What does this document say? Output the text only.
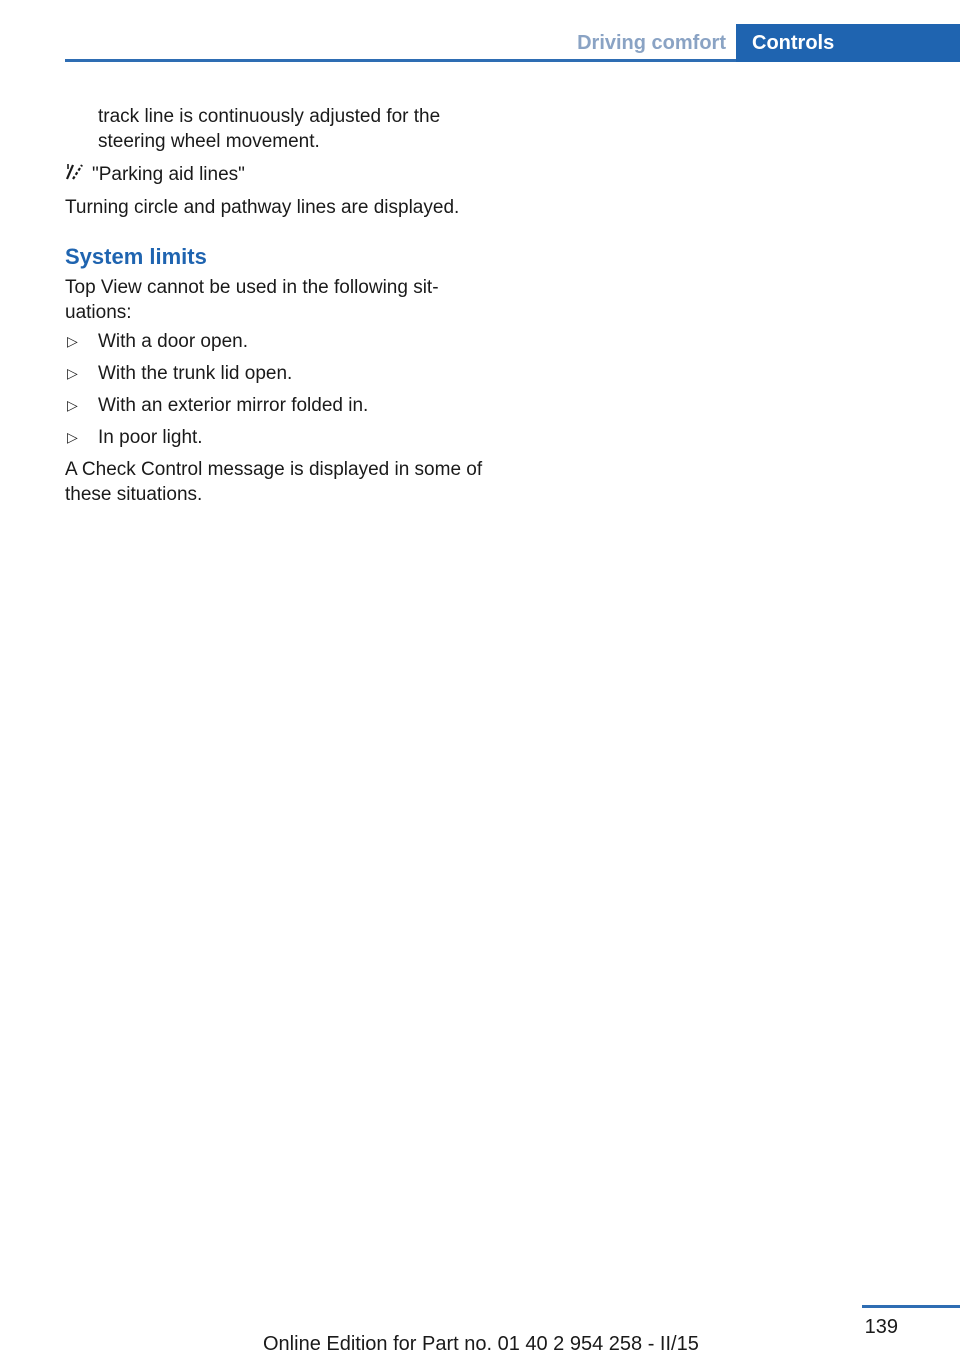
Driving comfort	Controls

track line is continuously adjusted for the steering wheel movement.

"Parking aid lines"

Turning circle and pathway lines are displayed.

System limits

Top View cannot be used in the following sit-uations:

▷ With a door open.
▷ With the trunk lid open.
▷ With an exterior mirror folded in.
▷ In poor light.

A Check Control message is displayed in some of these situations.

139
Online Edition for Part no. 01 40 2 954 258 - II/15
